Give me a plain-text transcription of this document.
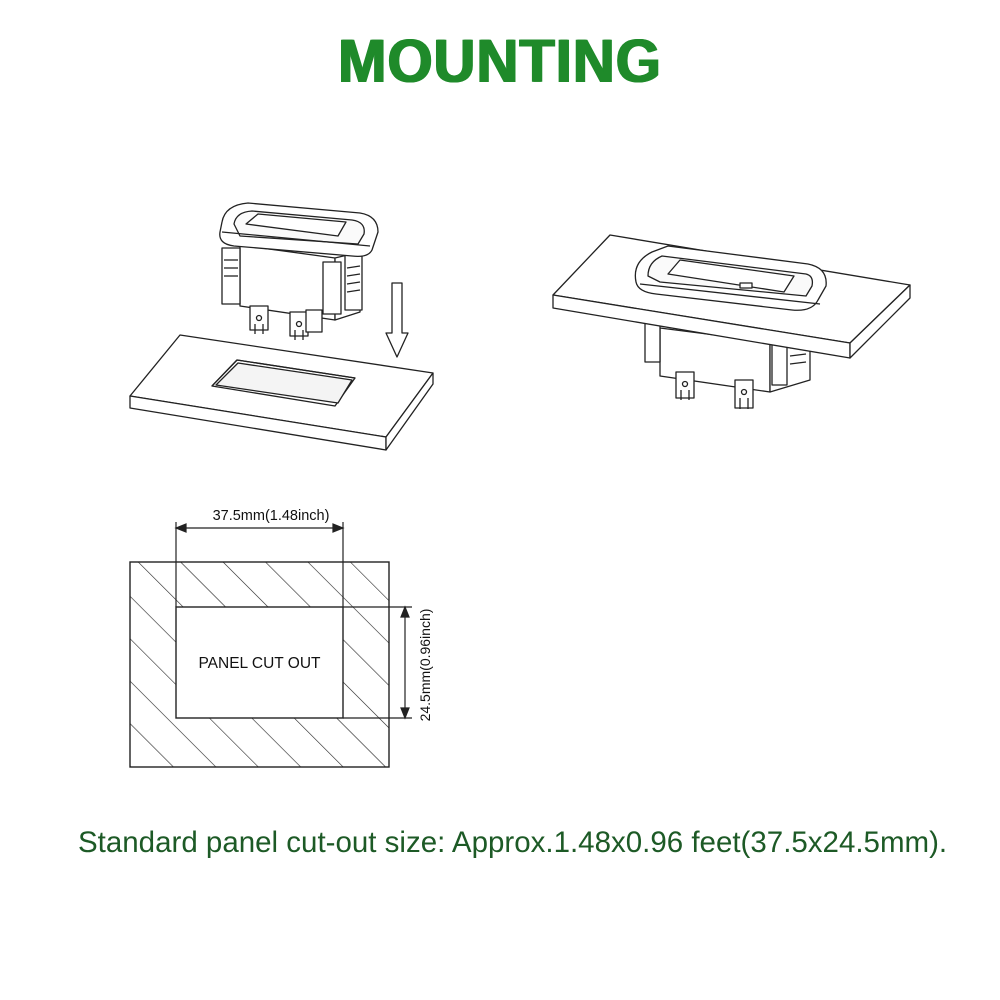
MOUNTING
PANEL CUT OUT
37.5mm(1.48inch)
24.5mm(0.96inch)
Standard panel cut-out size: Approx.1.48x0.96 feet(37.5x24.5mm).
